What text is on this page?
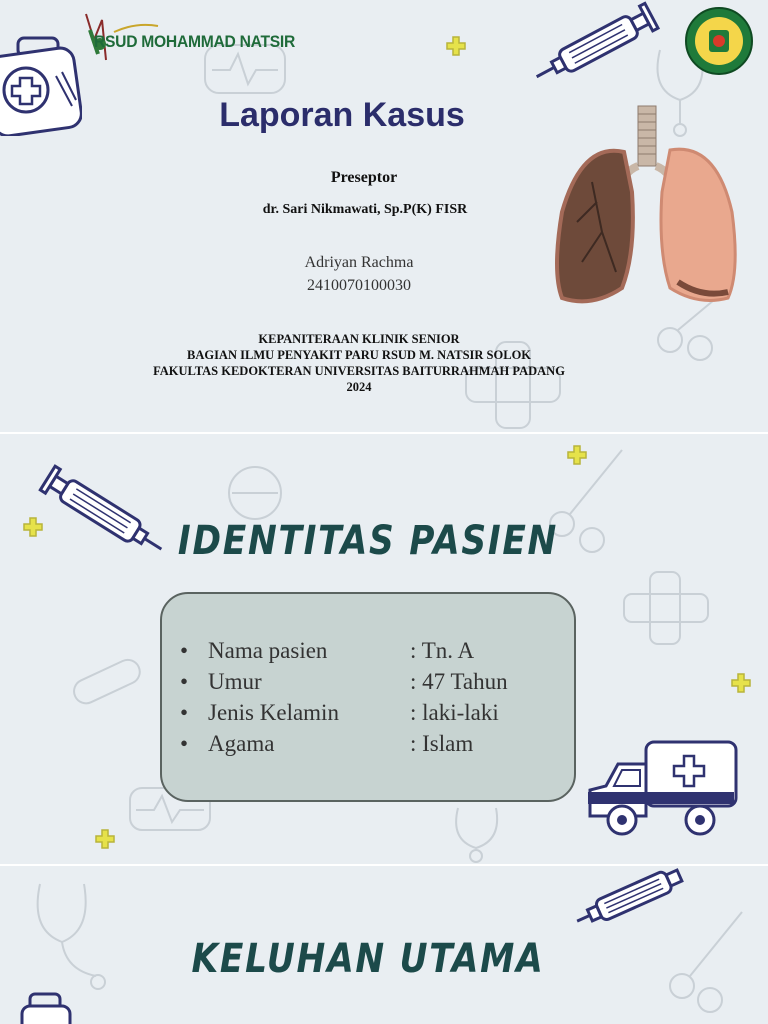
RSUD MOHAMMAD NATSIR
Laporan Kasus
Preseptor
dr. Sari Nikmawati, Sp.P(K) FISR
Adriyan Rachma
2410070100030
KEPANITERAAN KLINIK SENIOR
BAGIAN ILMU PENYAKIT PARU RSUD M. NATSIR SOLOK
FAKULTAS KEDOKTERAN UNIVERSITAS BAITURRAHMAH PADANG
2024
IDENTITAS PASIEN
• Nama pasien	: Tn. A
• Umur	: 47 Tahun
• Jenis Kelamin	: laki-laki
• Agama	: Islam
KELUHAN UTAMA
